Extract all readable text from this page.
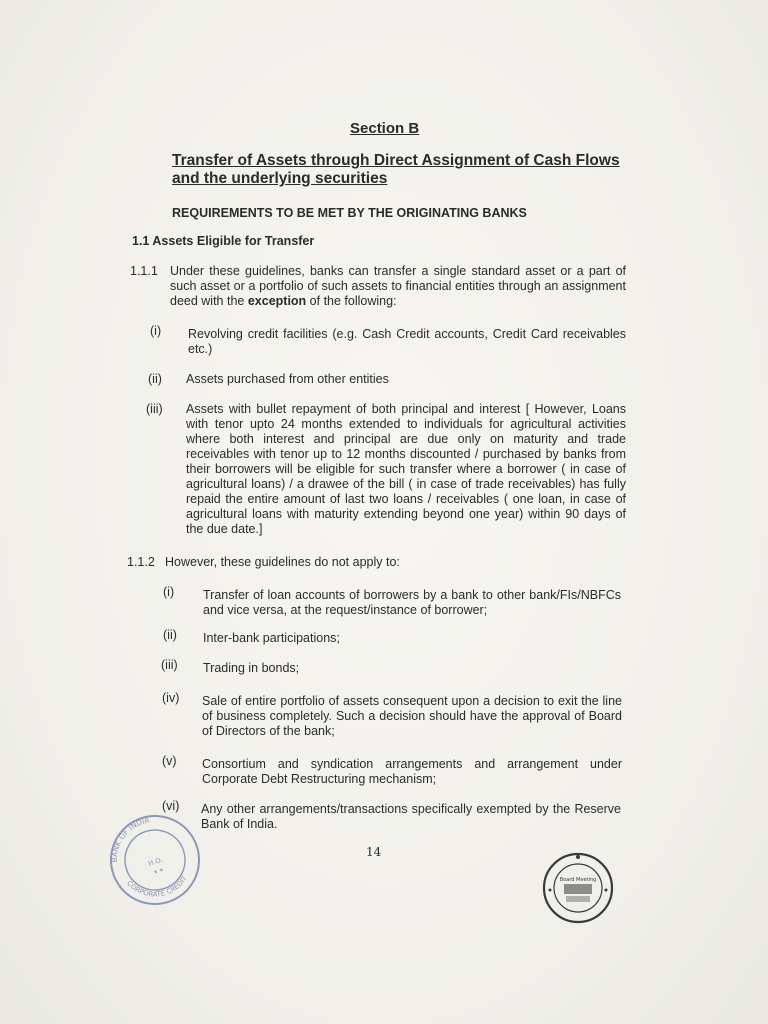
Section B
Transfer of Assets through Direct Assignment of Cash Flows and the underlying securities
REQUIREMENTS TO BE MET BY THE ORIGINATING BANKS
1.1 Assets Eligible for Transfer
1.1.1 Under these guidelines, banks can transfer a single standard asset or a part of such asset or a portfolio of such assets to financial entities through an assignment deed with the exception of the following:
(i) Revolving credit facilities (e.g. Cash Credit accounts, Credit Card receivables etc.)
(ii) Assets purchased from other entities
(iii) Assets with bullet repayment of both principal and interest [ However, Loans with tenor upto 24 months extended to individuals for agricultural activities where both interest and principal are due only on maturity and trade receivables with tenor up to 12 months discounted / purchased by banks from their borrowers will be eligible for such transfer where a borrower ( in case of agricultural loans) / a drawee of the bill ( in case of trade receivables) has fully repaid the entire amount of last two loans / receivables ( one loan, in case of agricultural loans with maturity extending beyond one year) within 90 days of the due date.]
1.1.2 However, these guidelines do not apply to:
(i) Transfer of loan accounts of borrowers by a bank to other bank/FIs/NBFCs and vice versa, at the request/instance of borrower;
(ii) Inter-bank participations;
(iii) Trading in bonds;
(iv) Sale of entire portfolio of assets consequent upon a decision to exit the line of business completely. Such a decision should have the approval of Board of Directors of the bank;
(v) Consortium and syndication arrangements and arrangement under Corporate Debt Restructuring mechanism;
(vi) Any other arrangements/transactions specifically exempted by the Reserve Bank of India.
14
H.O.
★ ★
BANK OF INDIA
CORPORATE CREDIT	Board Meeting
